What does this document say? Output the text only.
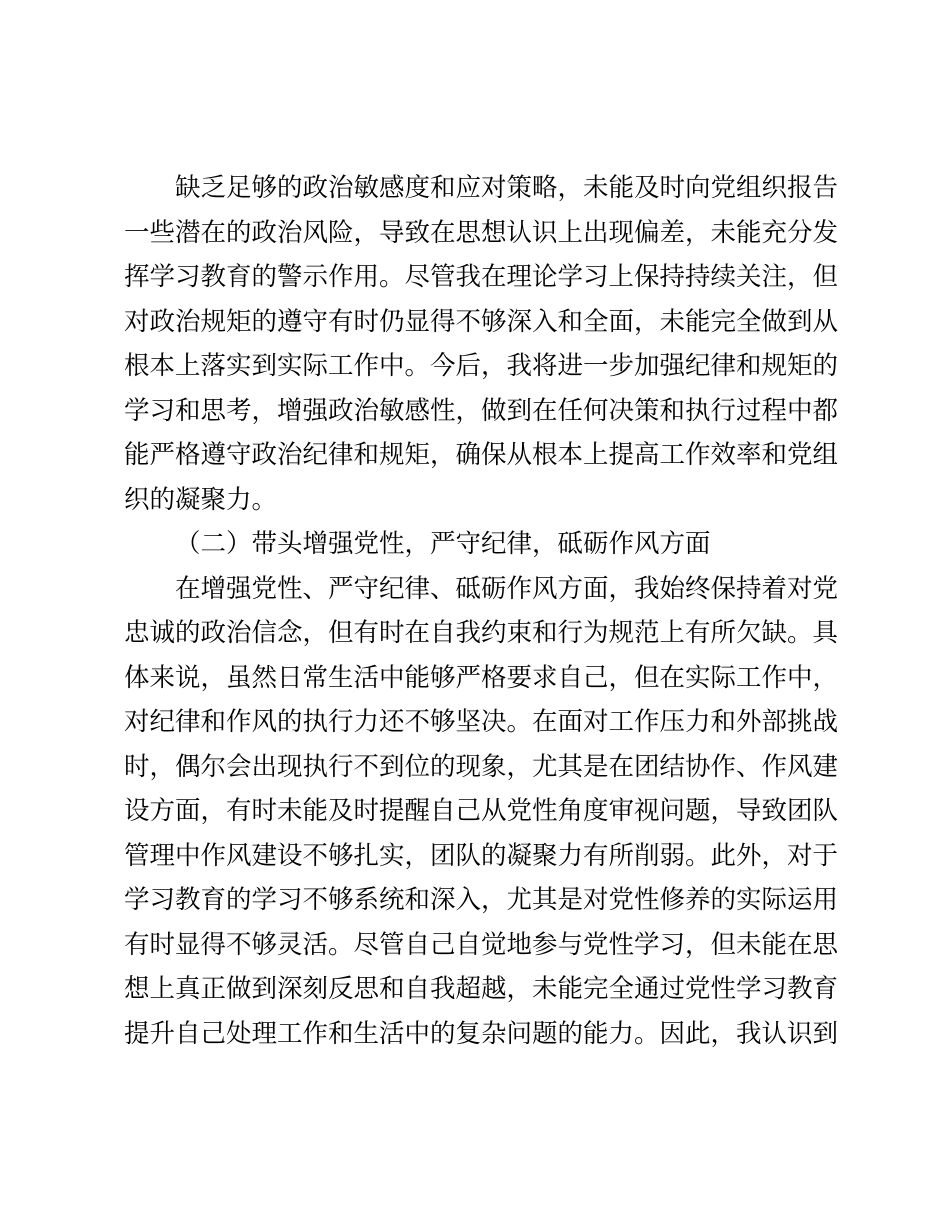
缺乏足够的政治敏感度和应对策略，未能及时向党组织报告
一些潜在的政治风险，导致在思想认识上出现偏差，未能充分发
挥学习教育的警示作用。尽管我在理论学习上保持持续关注，但
对政治规矩的遵守有时仍显得不够深入和全面，未能完全做到从
根本上落实到实际工作中。今后，我将进一步加强纪律和规矩的
学习和思考，增强政治敏感性，做到在任何决策和执行过程中都
能严格遵守政治纪律和规矩，确保从根本上提高工作效率和党组
织的凝聚力。
（二）带头增强党性，严守纪律，砥砺作风方面
在增强党性、严守纪律、砥砺作风方面，我始终保持着对党
忠诚的政治信念，但有时在自我约束和行为规范上有所欠缺。具
体来说，虽然日常生活中能够严格要求自己，但在实际工作中，
对纪律和作风的执行力还不够坚决。在面对工作压力和外部挑战
时，偶尔会出现执行不到位的现象，尤其是在团结协作、作风建
设方面，有时未能及时提醒自己从党性角度审视问题，导致团队
管理中作风建设不够扎实，团队的凝聚力有所削弱。此外，对于
学习教育的学习不够系统和深入，尤其是对党性修养的实际运用
有时显得不够灵活。尽管自己自觉地参与党性学习，但未能在思
想上真正做到深刻反思和自我超越，未能完全通过党性学习教育
提升自己处理工作和生活中的复杂问题的能力。因此，我认识到
